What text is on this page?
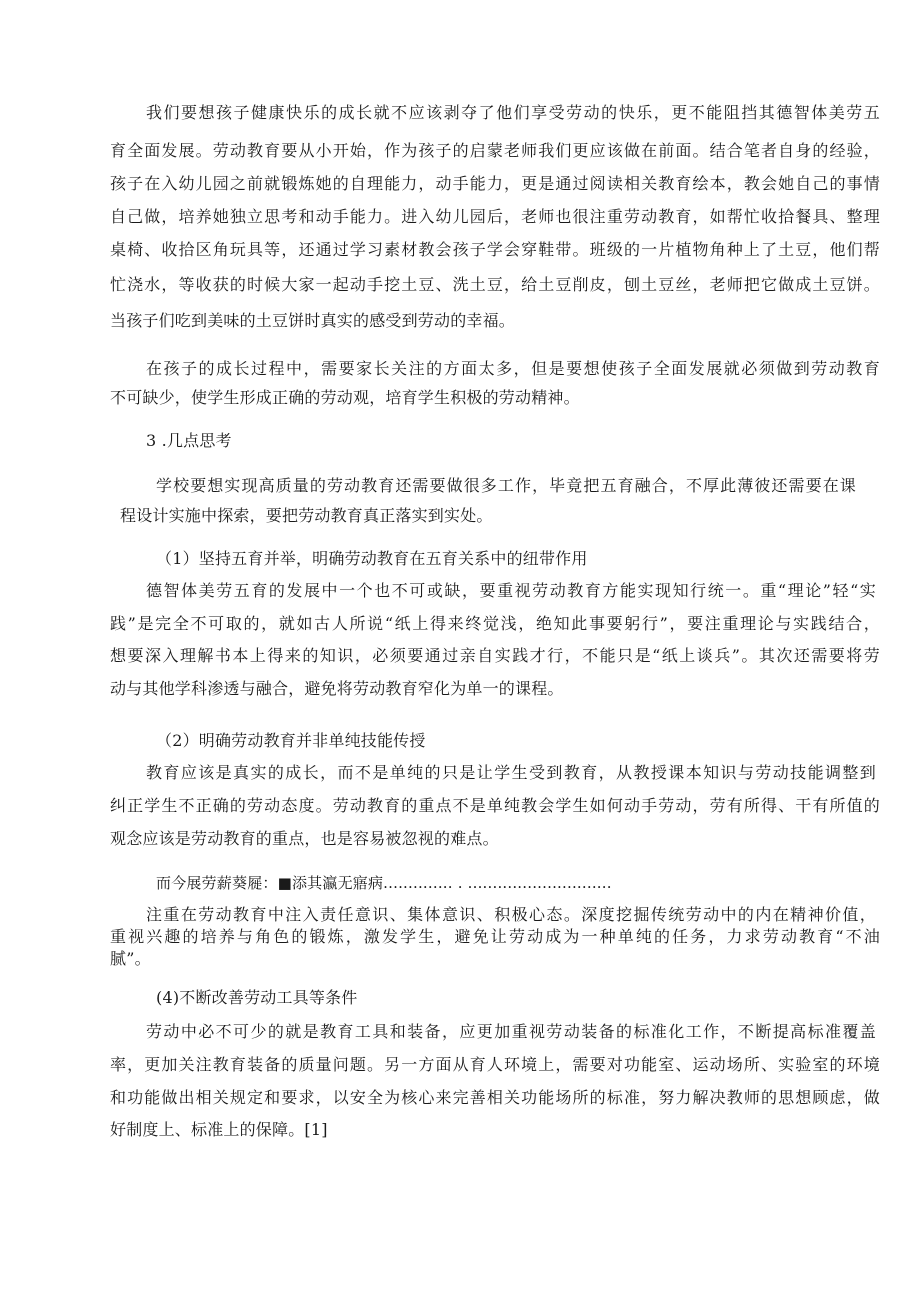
我们要想孩子健康快乐的成长就不应该剥夺了他们享受劳动的快乐，更不能阻挡其德智体美劳五

育全面发展。劳动教育要从小开始，作为孩子的启蒙老师我们更应该做在前面。结合笔者自身的经验，

孩子在入幼儿园之前就锻炼她的自理能力，动手能力，更是通过阅读相关教育绘本，教会她自己的事情

自己做，培养她独立思考和动手能力。进入幼儿园后，老师也很注重劳动教育，如帮忙收拾餐具、整理

桌椅、收拾区角玩具等，还通过学习素材教会孩子学会穿鞋带。班级的一片植物角种上了土豆，他们帮

忙浇水，等收获的时候大家一起动手挖土豆、洗土豆，给土豆削皮，刨土豆丝，老师把它做成土豆饼。

当孩子们吃到美味的土豆饼时真实的感受到劳动的幸福。

在孩子的成长过程中，需要家长关注的方面太多，但是要想使孩子全面发展就必须做到劳动教育

不可缺少，使学生形成正确的劳动观，培育学生积极的劳动精神。

3 .几点思考

学校要想实现高质量的劳动教育还需要做很多工作，毕竟把五育融合，不厚此薄彼还需要在课

程设计实施中探索，要把劳动教育真正落实到实处。

（1）坚持五育并举，明确劳动教育在五育关系中的纽带作用

德智体美劳五育的发展中一个也不可或缺，要重视劳动教育方能实现知行统一。重“理论”轻“实

践”是完全不可取的，就如古人所说“纸上得来终觉浅，绝知此事要躬行”，要注重理论与实践结合，

想要深入理解书本上得来的知识，必须要通过亲自实践才行，不能只是“纸上谈兵”。其次还需要将劳

动与其他学科渗透与融合，避免将劳动教育窄化为单一的课程。

（2）明确劳动教育并非单纯技能传授

教育应该是真实的成长，而不是单纯的只是让学生受到教育，从教授课本知识与劳动技能调整到

纠正学生不正确的劳动态度。劳动教育的重点不是单纯教会学生如何动手劳动，劳有所得、干有所值的

观念应该是劳动教育的重点，也是容易被忽视的难点。

而今展劳薪葵屣：■添其瀛无寤病.............. . .............................

注重在劳动教育中注入责任意识、集体意识、积极心态。深度挖掘传统劳动中的内在精神价值，

重视兴趣的培养与角色的锻炼，激发学生，避免让劳动成为一种单纯的任务，力求劳动教育“不油

腻”。

(4)不断改善劳动工具等条件

劳动中必不可少的就是教育工具和装备，应更加重视劳动装备的标准化工作，不断提高标准覆盖

率，更加关注教育装备的质量问题。另一方面从育人环境上，需要对功能室、运动场所、实验室的环境

和功能做出相关规定和要求，以安全为核心来完善相关功能场所的标准，努力解决教师的思想顾虑，做

好制度上、标准上的保障。[1]
